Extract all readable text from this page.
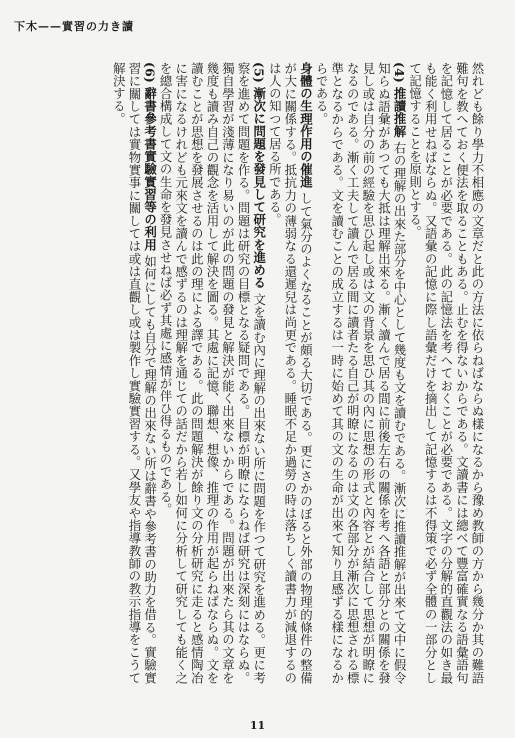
下木——實習の力き讀

然れども餘り學力不相應の文章だと此の方法に依らねばならぬ樣になるから豫め教師の方から幾分か其の難語難句を教へておく便法を取ることもある。止むを得ないからである。文讀書には總べて豐富確實なる語彙語句を記憶して居ることが必要である。此の記憶法を考へておくことが必要である。文字の分解的直觀法の如き最も能く利用せねばならぬ。又語彙の記憶に際し語彙だけを摘出して記憶するは不得策で必ず全體の一部分として記憶することを原則とする。

(4) 推讀推解 右の理解の出來た部分を中心として幾度も文を讀むである。漸次に推讀推解が出來て文中に假令知らぬ語彙があつても大抵は理解出來る。漸く讀んで居る間に前後左右の關係を考へ各語と部分との關係を發見し或は自分の前の經驗を思ひ起し或は文の背景を思ひ其の內に思想の形式と內容とが結合して思想が明瞭になるのである。漸く工夫して讀んで居る間に讀者たる自己が明瞭になるのは文の各部分が漸次に思想される標準となるからである。文を讀むことの成立するは一時に始めて其の文の生命が出來て知り且感ずる樣になるからである。

身體の生理作用の催進 して氣分のよくなることが頗る大切である。更にさかのぼると外部の物理的條件の整備が大に關係する。抵抗力の薄弱なる還遲兒は尚更である。睡眠不足か過勞の時は落ちしく讀書力が減退するのは人の知つて居る所である。

(5) 漸次に問題を發見して研究を進める 文を讀む內に理解の出來ない所に問題を作つて研究を進める。更に考察を進めて問題を作る。問題は研究の目標となる疑問である。目標が明瞭にならねば研究は深刻にはならぬ。獨自學習が淺薄になり易いのが此の問題の發見と解決が能く出來ないからである。問題が出來たら其の文章を幾度も讀み自己の觀念を活用して解決を圖る。其處に記憶、聯想、想像、推理の作用が起らねばならぬ。文を讀むことが思想を發展させるのは此の理による譯である。此の問題解決が餘り文の分析研究に走ると感情陶冶に害になるけれども元來文を讀んで感ずるのは理解を通じての話だから若し如何に分析して研究しても能く之を總合構成して文の生命を發見させねば必ず其處に感情が伴ひ得るものである。

(6) 辭書參考書實驗實習等の利用 如何にしても自分で理解の出來ない所は辭書や參考書の助力を借る。實驗實習に關しては實物實事に關しては或は直觀し或は製作し實驗實習する。又學友や指導教師の教示指導をこうて解決する。

11
